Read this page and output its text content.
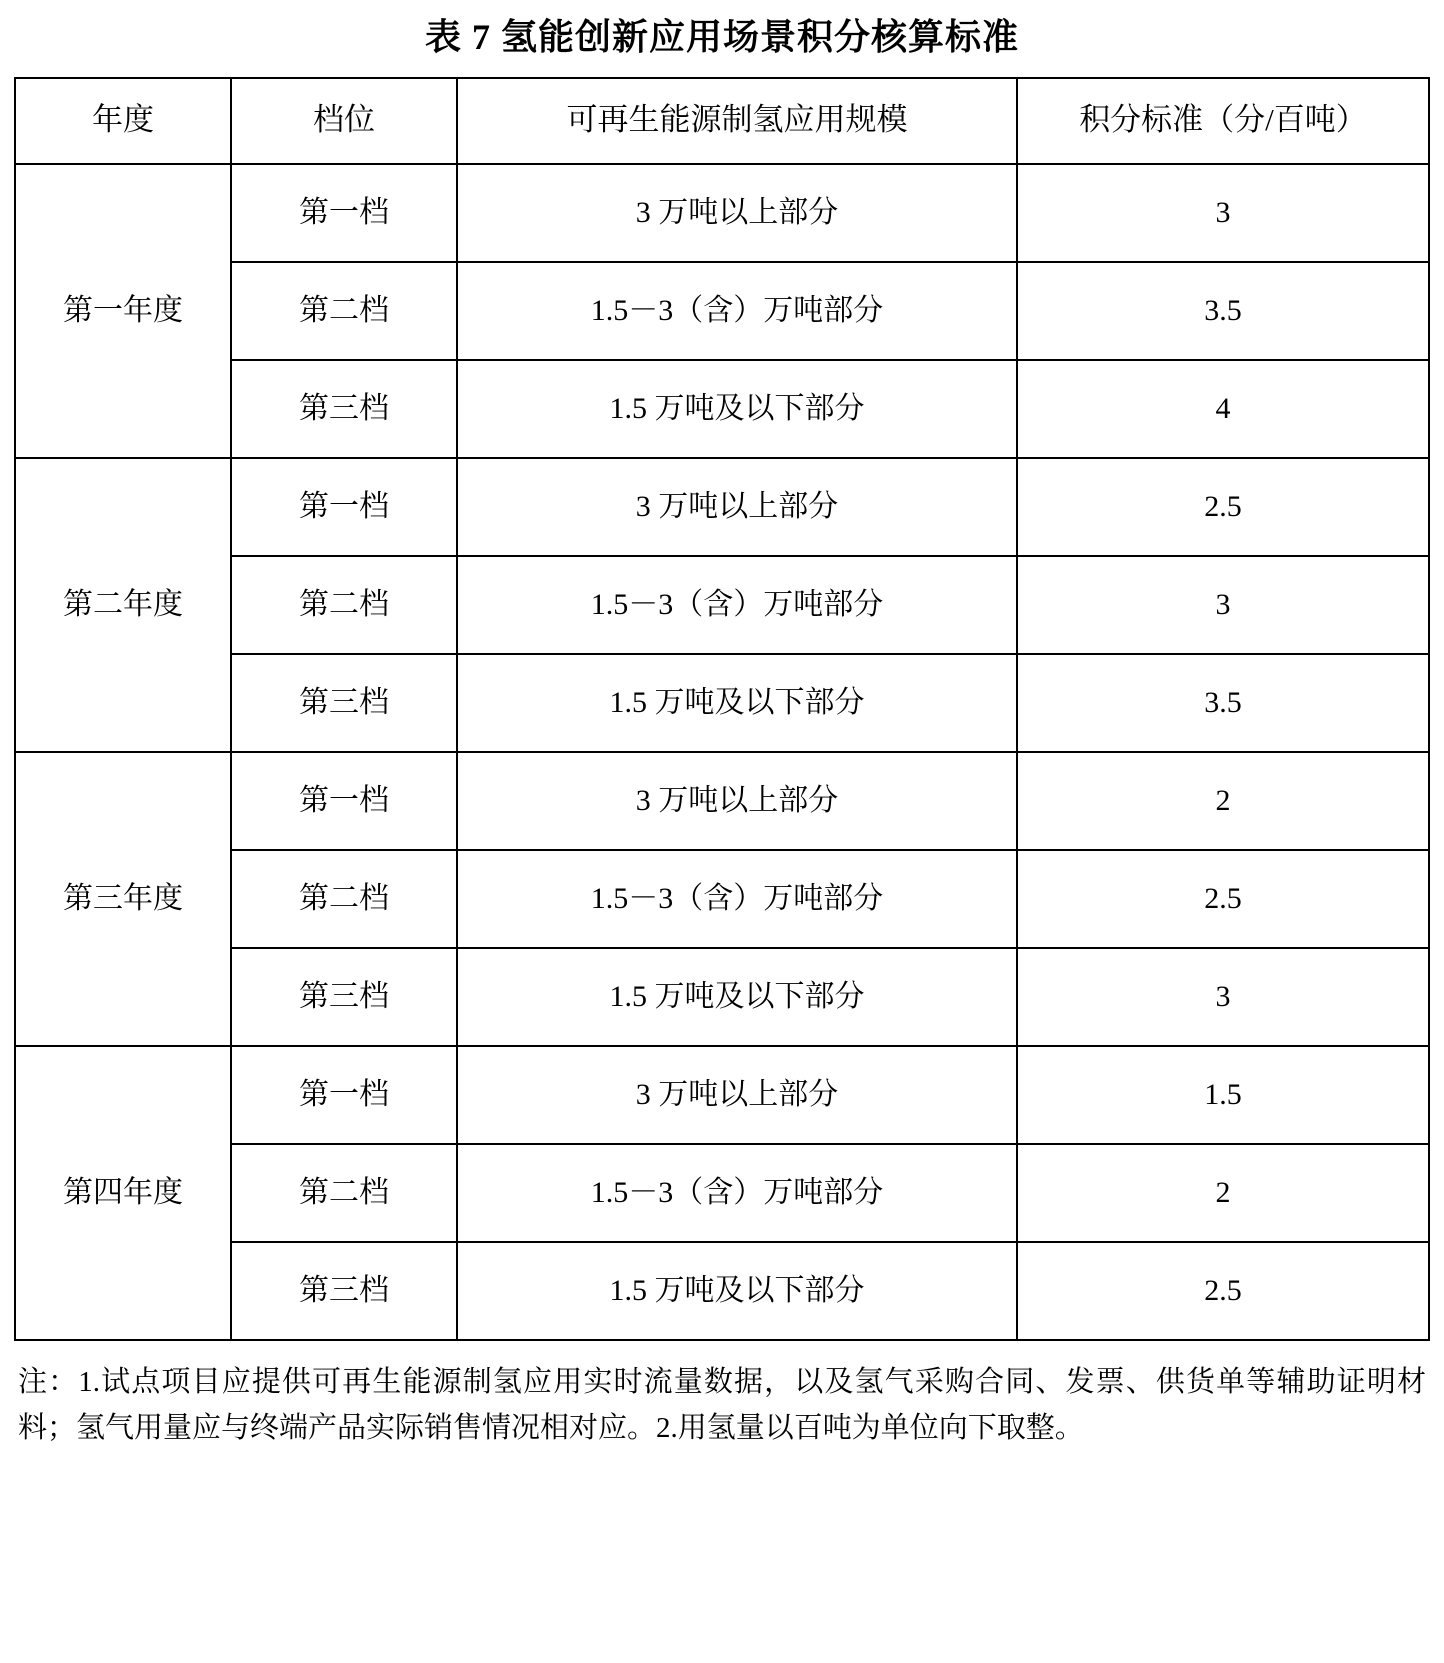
表 7 氢能创新应用场景积分核算标准
年度	档位	可再生能源制氢应用规模	积分标准（分/百吨）
第一年度	第一档	3 万吨以上部分	3
	第二档	1.5－3（含）万吨部分	3.5
	第三档	1.5 万吨及以下部分	4
第二年度	第一档	3 万吨以上部分	2.5
	第二档	1.5－3（含）万吨部分	3
	第三档	1.5 万吨及以下部分	3.5
第三年度	第一档	3 万吨以上部分	2
	第二档	1.5－3（含）万吨部分	2.5
	第三档	1.5 万吨及以下部分	3
第四年度	第一档	3 万吨以上部分	1.5
	第二档	1.5－3（含）万吨部分	2
	第三档	1.5 万吨及以下部分	2.5

注：1.试点项目应提供可再生能源制氢应用实时流量数据，以及氢气采购合同、发票、供货单等辅助证明材料；氢气用量应与终端产品实际销售情况相对应。2.用氢量以百吨为单位向下取整。
